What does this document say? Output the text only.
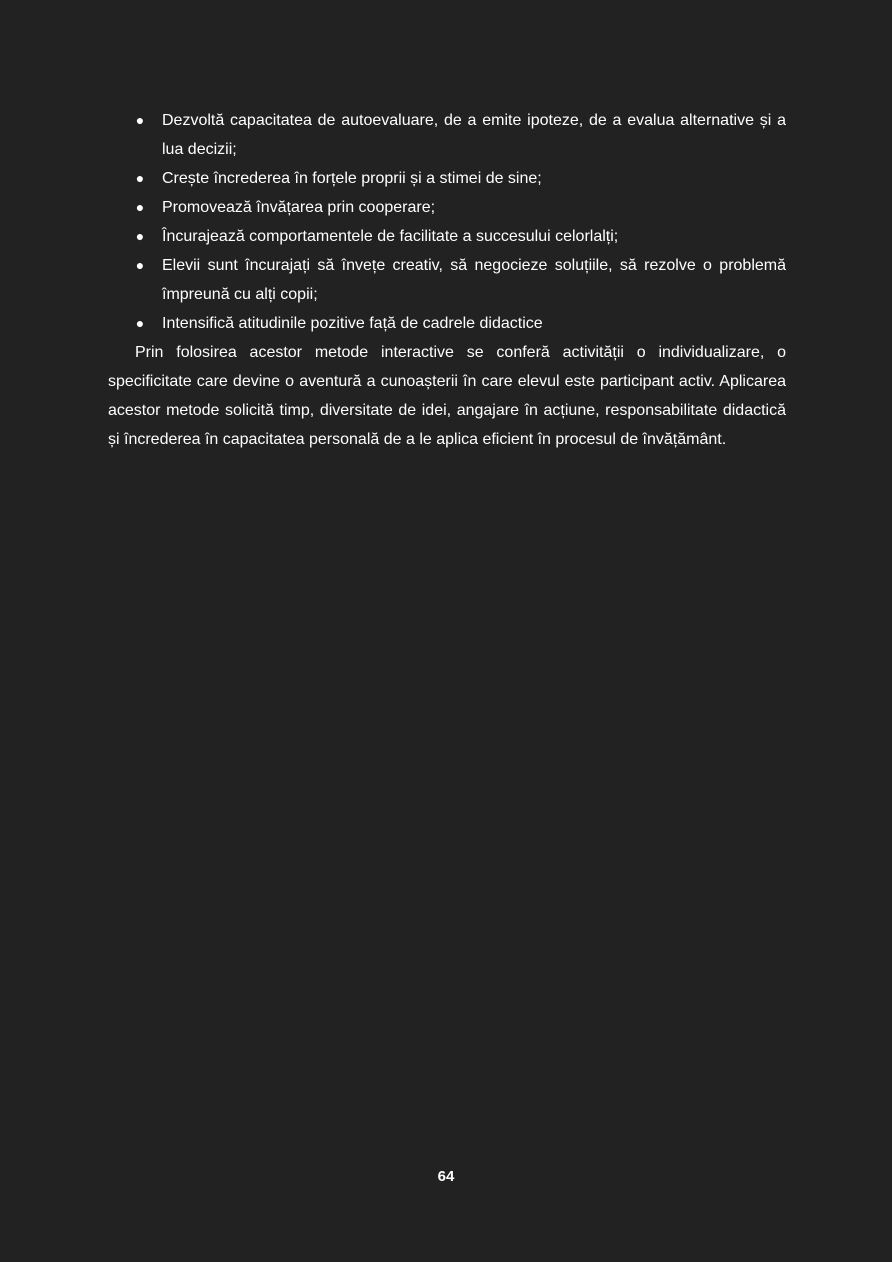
● Dezvoltă capacitatea de autoevaluare, de a emite ipoteze, de a evalua alternative și a lua decizii;
● Crește încrederea în forțele proprii și a stimei de sine;
● Promovează învățarea prin cooperare;
● Încurajează comportamentele de facilitate a succesului celorlalți;
● Elevii sunt încurajați să învețe creativ, să negocieze soluțiile, să rezolve o problemă împreună cu alți copii;
● Intensifică atitudinile pozitive față de cadrele didactice

Prin folosirea acestor metode interactive se conferă activității o individualizare, o specificitate care devine o aventură a cunoașterii în care elevul este participant activ. Aplicarea acestor metode solicită timp, diversitate de idei, angajare în acțiune, responsabilitate didactică și încrederea în capacitatea personală de a le aplica eficient în procesul de învățământ.

64
